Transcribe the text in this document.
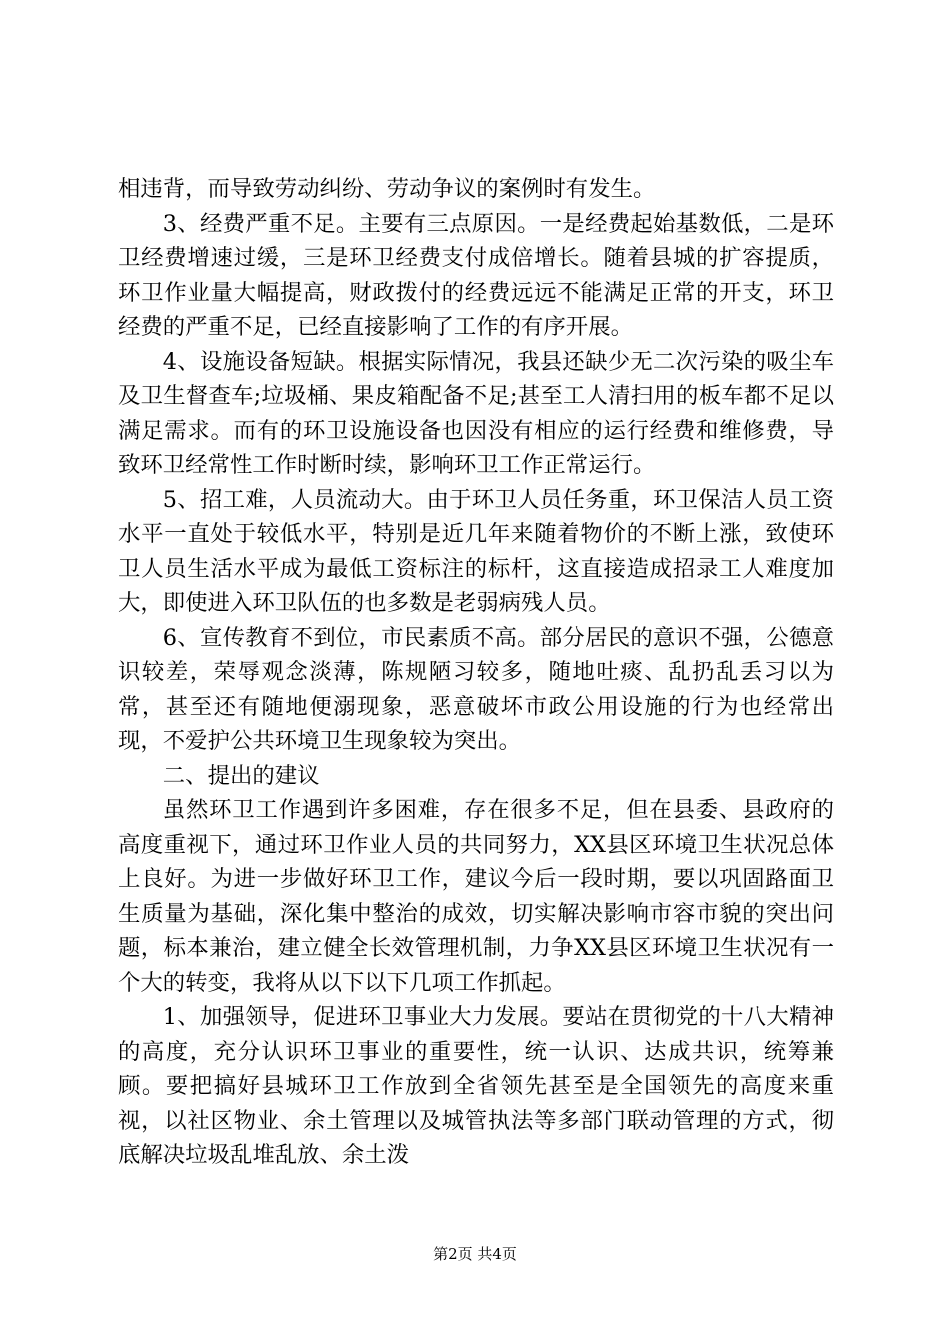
相违背，而导致劳动纠纷、劳动争议的案例时有发生。

3、经费严重不足。主要有三点原因。一是经费起始基数低，二是环卫经费增速过缓，三是环卫经费支付成倍增长。随着县城的扩容提质，环卫作业量大幅提高，财政拨付的经费远远不能满足正常的开支，环卫经费的严重不足，已经直接影响了工作的有序开展。

4、设施设备短缺。根据实际情况，我县还缺少无二次污染的吸尘车及卫生督查车;垃圾桶、果皮箱配备不足;甚至工人清扫用的板车都不足以满足需求。而有的环卫设施设备也因没有相应的运行经费和维修费，导致环卫经常性工作时断时续，影响环卫工作正常运行。

5、招工难，人员流动大。由于环卫人员任务重，环卫保洁人员工资水平一直处于较低水平，特别是近几年来随着物价的不断上涨，致使环卫人员生活水平成为最低工资标注的标杆，这直接造成招录工人难度加大，即使进入环卫队伍的也多数是老弱病残人员。

6、宣传教育不到位，市民素质不高。部分居民的意识不强，公德意识较差，荣辱观念淡薄，陈规陋习较多，随地吐痰、乱扔乱丢习以为常，甚至还有随地便溺现象，恶意破坏市政公用设施的行为也经常出现，不爱护公共环境卫生现象较为突出。

二、提出的建议

虽然环卫工作遇到许多困难，存在很多不足，但在县委、县政府的高度重视下，通过环卫作业人员的共同努力，XX县区环境卫生状况总体上良好。为进一步做好环卫工作，建议今后一段时期，要以巩固路面卫生质量为基础，深化集中整治的成效，切实解决影响市容市貌的突出问题，标本兼治，建立健全长效管理机制，力争XX县区环境卫生状况有一个大的转变，我将从以下以下几项工作抓起。

1、加强领导，促进环卫事业大力发展。要站在贯彻党的十八大精神的高度，充分认识环卫事业的重要性，统一认识、达成共识，统筹兼顾。要把搞好县城环卫工作放到全省领先甚至是全国领先的高度来重视，以社区物业、余土管理以及城管执法等多部门联动管理的方式，彻底解决垃圾乱堆乱放、余土泼

第2页 共4页
